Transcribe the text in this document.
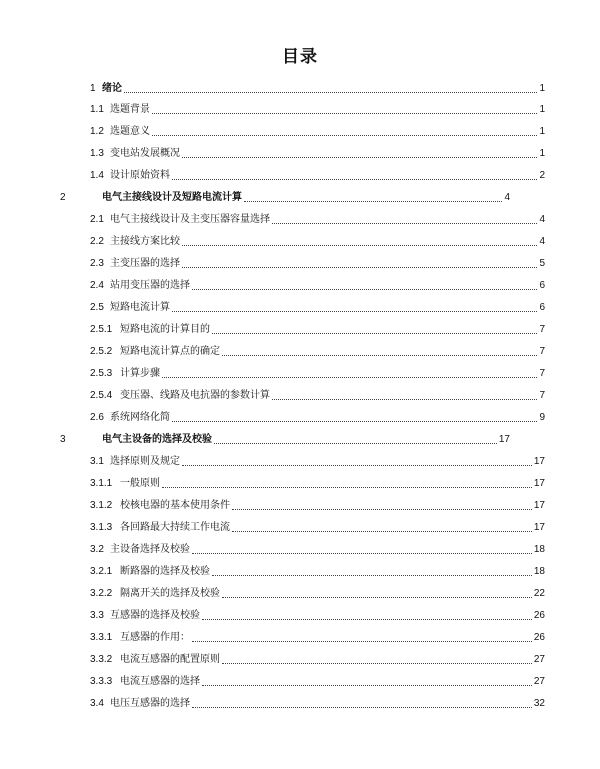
目录
1 绪论	1
1.1 选题背景	1
1.2 选题意义	1
1.3 变电站发展概况	1
1.4 设计原始资料	2
2	电气主接线设计及短路电流计算	4
2.1 电气主接线设计及主变压器容量选择	4
2.2 主接线方案比较	4
2.3 主变压器的选择	5
2.4 站用变压器的选择	6
2.5 短路电流计算	6
2.5.1 短路电流的计算目的	7
2.5.2 短路电流计算点的确定	7
2.5.3 计算步骤	7
2.5.4 变压器、线路及电抗器的参数计算	7
2.6 系统网络化简	9
3	电气主设备的选择及校验	17
3.1 选择原则及规定	17
3.1.1 一般原则	17
3.1.2 校核电器的基本使用条件	17
3.1.3 各回路最大持续工作电流	17
3.2 主设备选择及校验	18
3.2.1 断路器的选择及校验	18
3.2.2 隔离开关的选择及校验	22
3.3 互感器的选择及校验	26
3.3.1 互感器的作用：	26
3.3.2 电流互感器的配置原则	27
3.3.3 电流互感器的选择	27
3.4 电压互感器的选择	32
